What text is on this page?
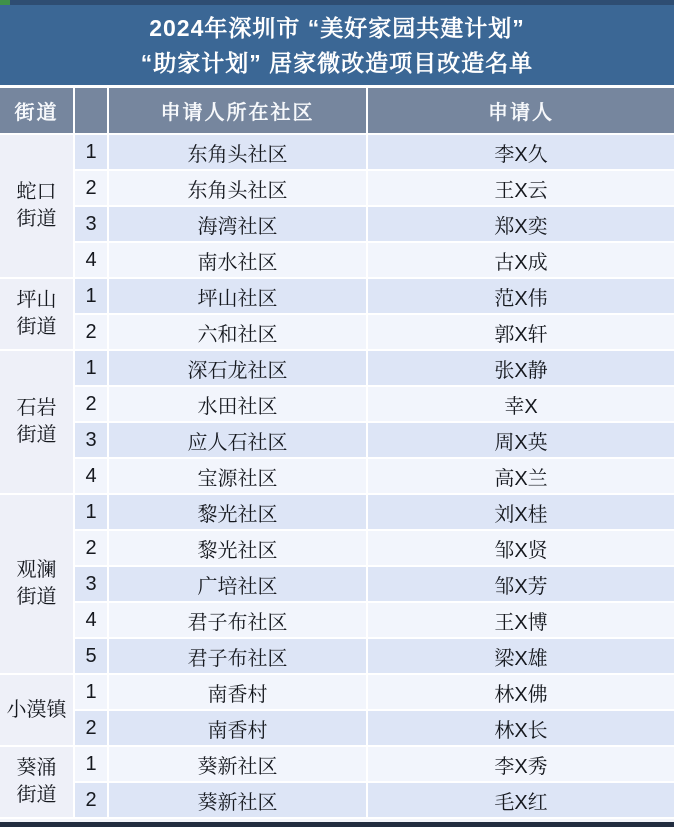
2024年深圳市 “美好家园共建计划”
“助家计划” 居家微改造项目改造名单
街道		申请人所在社区	申请人
蛇口街道	1	东角头社区	李X久
	2	东角头社区	王X云
	3	海湾社区	郑X奕
	4	南水社区	古X成
坪山街道	1	坪山社区	范X伟
	2	六和社区	郭X轩
石岩街道	1	深石龙社区	张X静
	2	水田社区	幸X
	3	应人石社区	周X英
	4	宝源社区	高X兰
观澜街道	1	黎光社区	刘X桂
	2	黎光社区	邹X贤
	3	广培社区	邹X芳
	4	君子布社区	王X博
	5	君子布社区	梁X雄
小漠镇	1	南香村	林X佛
	2	南香村	林X长
葵涌街道	1	葵新社区	李X秀
	2	葵新社区	毛X红
